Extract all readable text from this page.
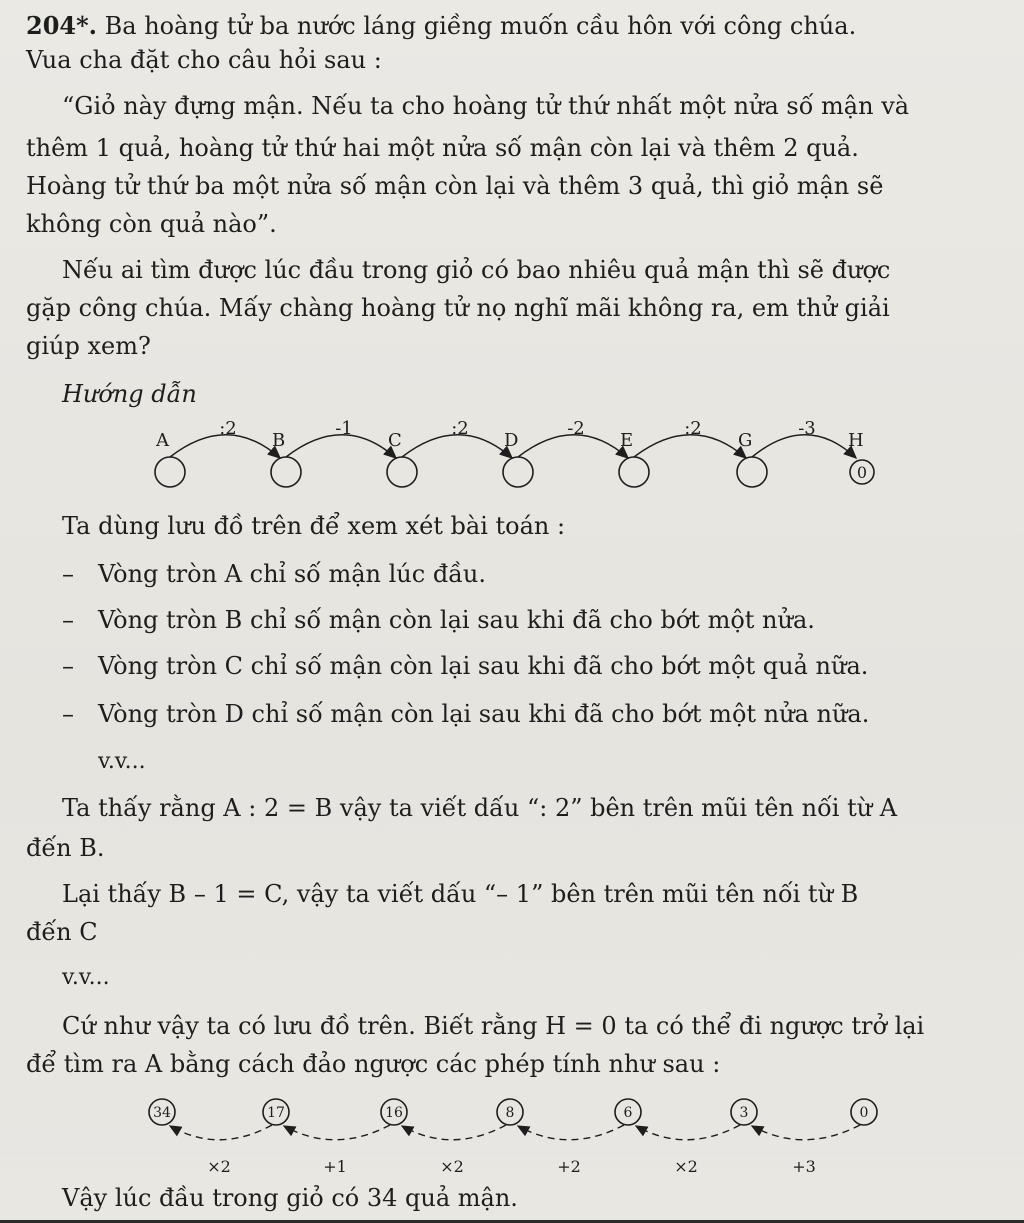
204*. Ba hoàng tử ba nước láng giềng muốn cầu hôn với công chúa.
Vua cha đặt cho câu hỏi sau :
“Giỏ này đựng mận. Nếu ta cho hoàng tử thứ nhất một nửa số mận và
thêm 1 quả, hoàng tử thứ hai một nửa số mận còn lại và thêm 2 quả.
Hoàng tử thứ ba một nửa số mận còn lại và thêm 3 quả, thì giỏ mận sẽ
không còn quả nào”.
Nếu ai tìm được lúc đầu trong giỏ có bao nhiêu quả mận thì sẽ được
gặp công chúa. Mấy chàng hoàng tử nọ nghĩ mãi không ra, em thử giải
giúp xem?
Hướng dẫn
A	B	C	D	E	G	H
0
:2	-1	:2	-2	:2	-3
Ta dùng lưu đồ trên để xem xét bài toán :
– Vòng tròn A chỉ số mận lúc đầu.
– Vòng tròn B chỉ số mận còn lại sau khi đã cho bớt một nửa.
– Vòng tròn C chỉ số mận còn lại sau khi đã cho bớt một quả nữa.
– Vòng tròn D chỉ số mận còn lại sau khi đã cho bớt một nửa nữa.
v.v...
Ta thấy rằng A : 2 = B vậy ta viết dấu “: 2” bên trên mũi tên nối từ A
đến B.
Lại thấy B – 1 = C, vậy ta viết dấu “– 1” bên trên mũi tên nối từ B
đến C
v.v...
Cứ như vậy ta có lưu đồ trên. Biết rằng H = 0 ta có thể đi ngược trở lại
để tìm ra A bằng cách đảo ngược các phép tính như sau :
34	17	16	8	6	3	0
×2	+1	×2	+2	×2	+3
Vậy lúc đầu trong giỏ có 34 quả mận.
